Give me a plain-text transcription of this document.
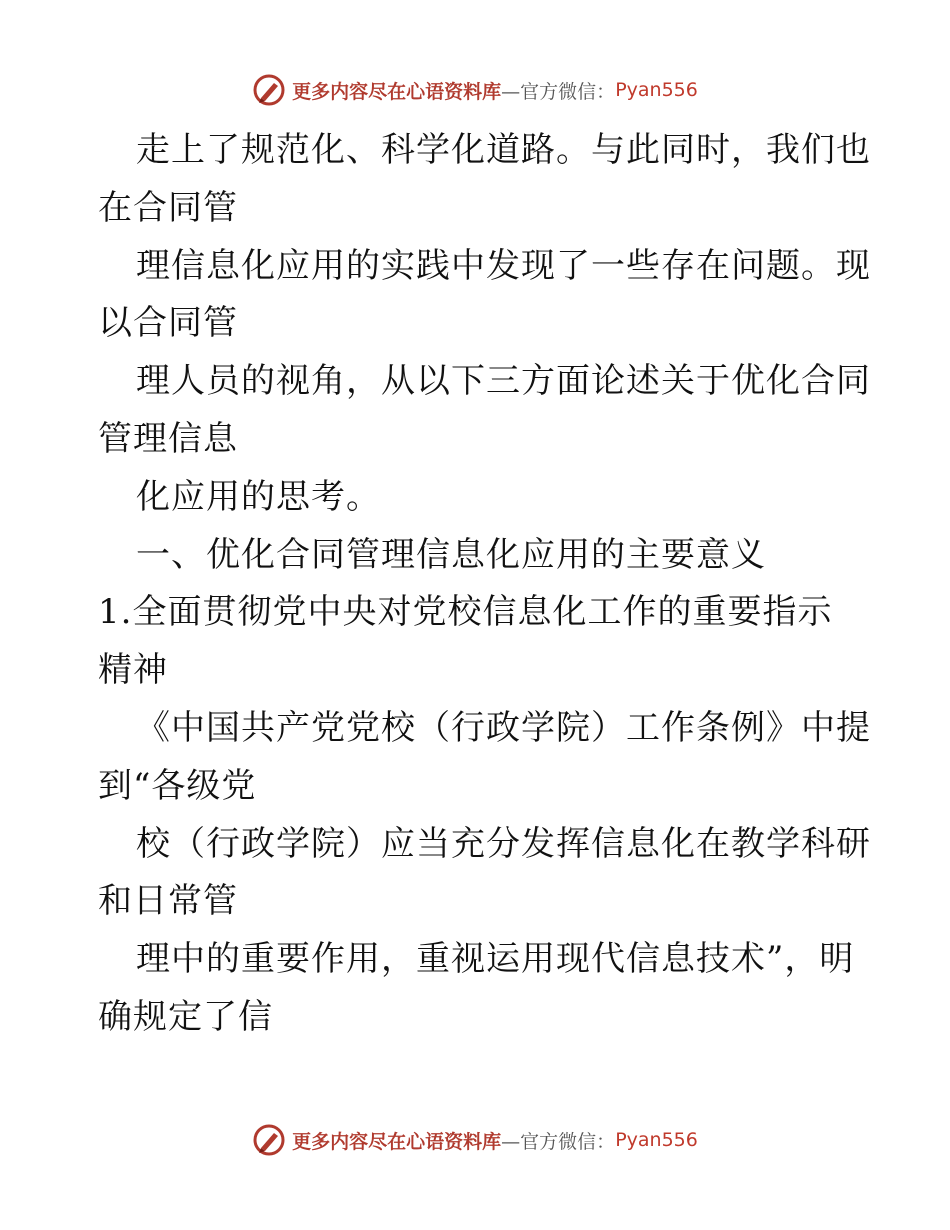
更多内容尽在心语资料库 —官方微信： Pyan556
走上了规范化、科学化道路。与此同时，我们也
在合同管
理信息化应用的实践中发现了一些存在问题。现
以合同管
理人员的视角，从以下三方面论述关于优化合同
管理信息
化应用的思考。
一、优化合同管理信息化应用的主要意义
1.全面贯彻党中央对党校信息化工作的重要指示
精神
《中国共产党党校（行政学院）工作条例》中提
到“各级党
校（行政学院）应当充分发挥信息化在教学科研
和日常管
理中的重要作用，重视运用现代信息技术”，明
确规定了信
更多内容尽在心语资料库 —官方微信： Pyan556
